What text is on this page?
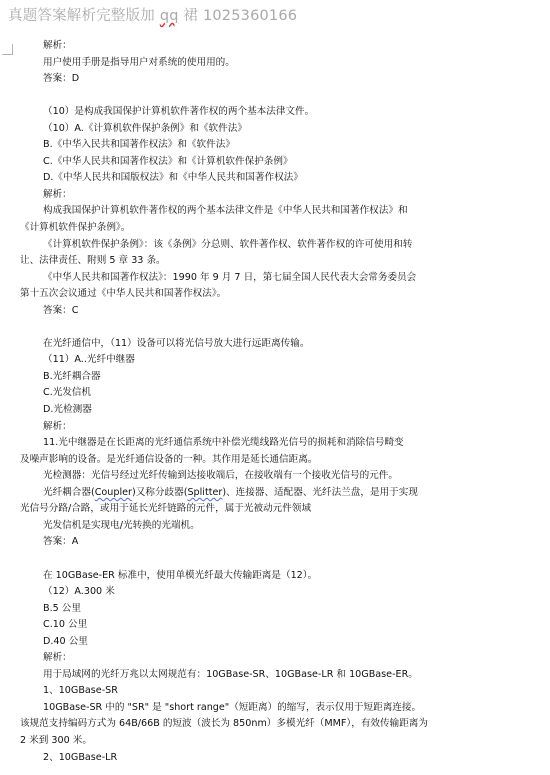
真题答案解析完整版加 qq 裙 1025360166
解析：
用户使用手册是指导用户对系统的使用用的。
答案：D
（10）是构成我国保护计算机软件著作权的两个基本法律文件。
（10）A.《计算机软件保护条例》和《软件法》
B.《中华入民共和国著作权法》和《软件法》
C.《中华人民共和国著作权法》和《计算机软件保护条例》
D.《中华人民共和国版权法》和《中华人民共和国著作权法》
解析：
构成我国保护计算机软件著作权的两个基本法律文件是《中华人民共和国著作权法》和
《计算机软件保护条例》。
《计算机软件保护条例》：该《条例》分总则、软件著作权、软件著作权的许可使用和转
让、法律责任、附则 5 章 33 条。
《中华人民共和国著作权法》：1990 年 9 月 7 日，第七届全国人民代表大会常务委员会
第十五次会议通过《中华人民共和国著作权法》。
答案：C
在光纤通信中，（11）设备可以将光信号放大进行远距离传输。
（11）A..光纤中继器
B.光纤耦合器
C.光发信机
D.光检测器
解析：
11.光中继器是在长距离的光纤通信系统中补偿光缆线路光信号的损耗和消除信号畸变
及噪声影响的设备。是光纤通信设备的一种。其作用是延长通信距离。
光检测器：光信号经过光纤传输到达接收端后，在接收端有一个接收光信号的元件。
光纤耦合器(Coupler)又称分歧器(Splitter)、连接器、适配器、光纤法兰盘，是用于实现
光信号分路/合路，或用于延长光纤链路的元件，属于光被动元件领域
光发信机是实现电/光转换的光端机。
答案：A
在 10GBase-ER 标准中，使用单模光纤最大传输距离是（12）。
（12）A.300 米
B.5 公里
C.10 公里
D.40 公里
解析：
用于局域网的光纤万兆以太网规范有：10GBase-SR、10GBase-LR 和 10GBase-ER。
1、10GBase-SR
10GBase-SR 中的 "SR" 是 "short range"（短距离）的缩写，表示仅用于短距离连接。
该规范支持编码方式为 64B/66B 的短波（波长为 850nm）多模光纤（MMF），有效传输距离为
2 米到 300 米。
2、10GBase-LR
